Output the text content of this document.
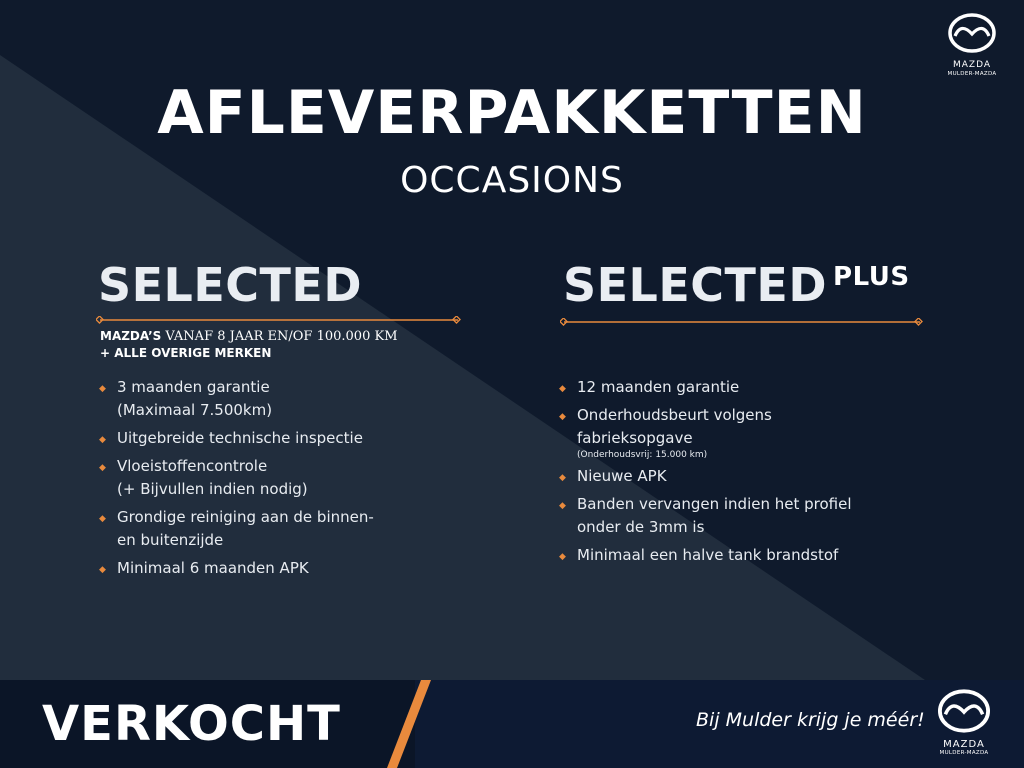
MAZDA
MULDER-MAZDA
AFLEVERPAKKETTEN
OCCASIONS
SELECTED
MAZDA’S VANAF 8 JAAR EN/OF 100.000 KM
+ ALLE OVERIGE MERKEN
◆ 3 maanden garantie
(Maximaal 7.500km)
◆ Uitgebreide technische inspectie
◆ Vloeistoffencontrole
(+ Bijvullen indien nodig)
◆ Grondige reiniging aan de binnen-
en buitenzijde
◆ Minimaal 6 maanden APK
SELECTED $^{PLUS}$
◆ 12 maanden garantie
◆ Onderhoudsbeurt volgens
fabrieksopgave
(Onderhoudsvrij: 15.000 km)
◆ Nieuwe APK
◆ Banden vervangen indien het profiel
onder de 3mm is
◆ Minimaal een halve tank brandstof
VERKOCHT	Bij Mulder krijg je méér!
MAZDA
MULDER-MAZDA
